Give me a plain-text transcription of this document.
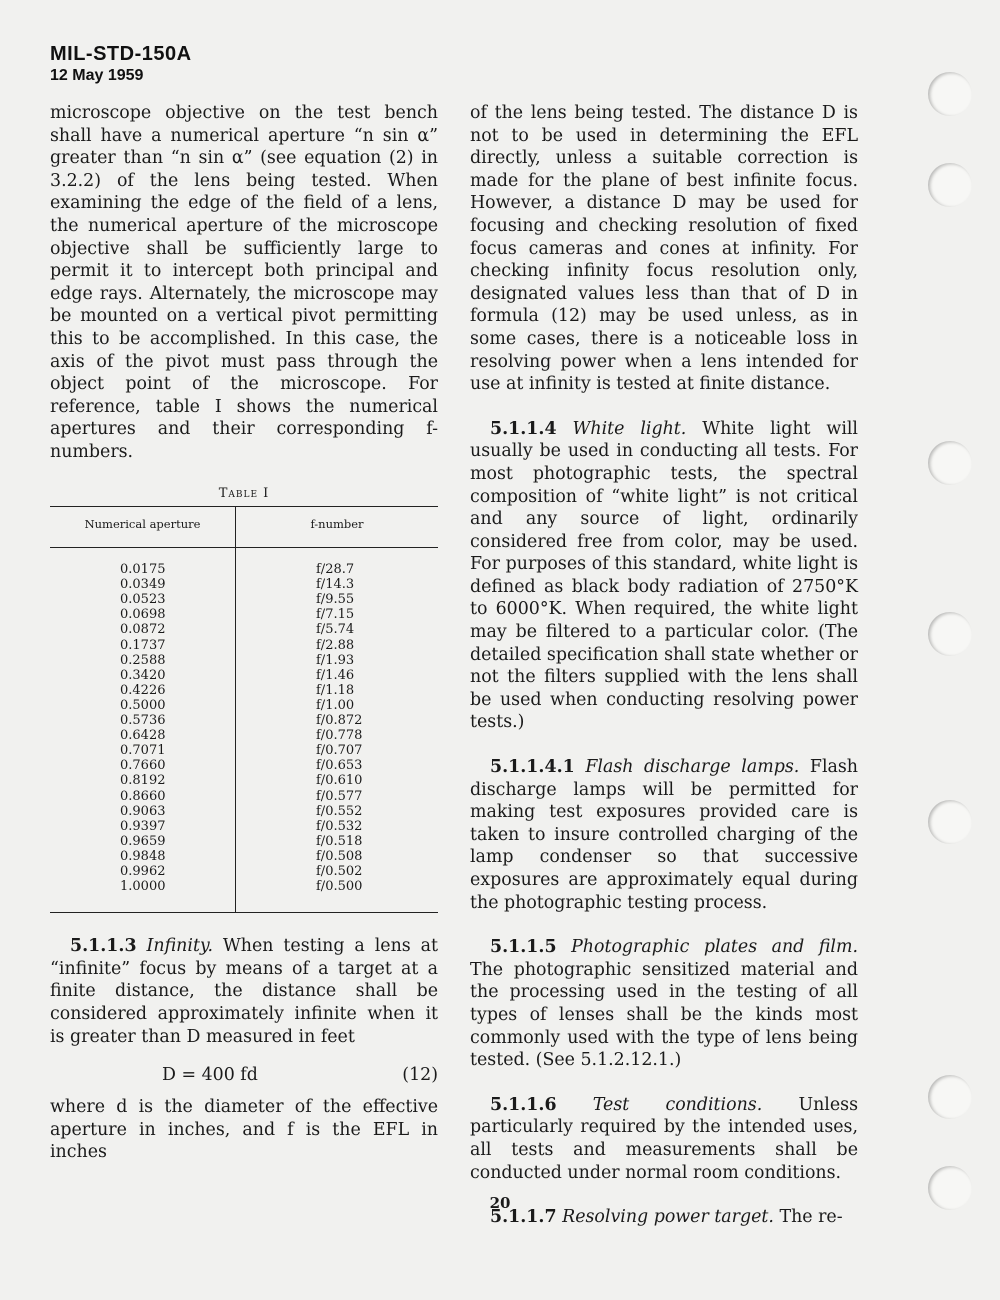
MIL-STD-150A
12 May 1959

microscope objective on the test bench shall have a numerical aperture “n sin α” greater than “n sin α” (see equation (2) in 3.2.2) of the lens being tested. When examining the edge of the field of a lens, the numerical aperture of the microscope objective shall be sufficiently large to permit it to intercept both principal and edge rays. Alternately, the microscope may be mounted on a vertical pivot permitting this to be accomplished. In this case, the axis of the pivot must pass through the object point of the microscope. For reference, table I shows the numerical apertures and their corresponding f-numbers.

Table I

Numerical aperture	f-number
0.0175	f/28.7
0.0349	f/14.3
0.0523	f/9.55
0.0698	f/7.15
0.0872	f/5.74
0.1737	f/2.88
0.2588	f/1.93
0.3420	f/1.46
0.4226	f/1.18
0.5000	f/1.00
0.5736	f/0.872
0.6428	f/0.778
0.7071	f/0.707
0.7660	f/0.653
0.8192	f/0.610
0.8660	f/0.577
0.9063	f/0.552
0.9397	f/0.532
0.9659	f/0.518
0.9848	f/0.508
0.9962	f/0.502
1.0000	f/0.500

5.1.1.3 Infinity. When testing a lens at “infinite” focus by means of a target at a finite distance, the distance shall be considered approximately infinite when it is greater than D measured in feet

D = 400 fd	(12)

where d is the diameter of the effective aperture in inches, and f is the EFL in inches

of the lens being tested. The distance D is not to be used in determining the EFL directly, unless a suitable correction is made for the plane of best infinite focus. However, a distance D may be used for focusing and checking resolution of fixed focus cameras and cones at infinity. For checking infinity focus resolution only, designated values less than that of D in formula (12) may be used unless, as in some cases, there is a noticeable loss in resolving power when a lens intended for use at infinity is tested at finite distance.

5.1.1.4 White light. White light will usually be used in conducting all tests. For most photographic tests, the spectral composition of “white light” is not critical and any source of light, ordinarily considered free from color, may be used. For purposes of this standard, white light is defined as black body radiation of 2750°K to 6000°K. When required, the white light may be filtered to a particular color. (The detailed specification shall state whether or not the filters supplied with the lens shall be used when conducting resolving power tests.)

5.1.1.4.1 Flash discharge lamps. Flash discharge lamps will be permitted for making test exposures provided care is taken to insure controlled charging of the lamp condenser so that successive exposures are approximately equal during the photographic testing process.

5.1.1.5 Photographic plates and film. The photographic sensitized material and the processing used in the testing of all types of lenses shall be the kinds most commonly used with the type of lens being tested. (See 5.1.2.12.1.)

5.1.1.6 Test conditions. Unless particularly required by the intended uses, all tests and measurements shall be conducted under normal room conditions.

5.1.1.7 Resolving power target. The re-

20
